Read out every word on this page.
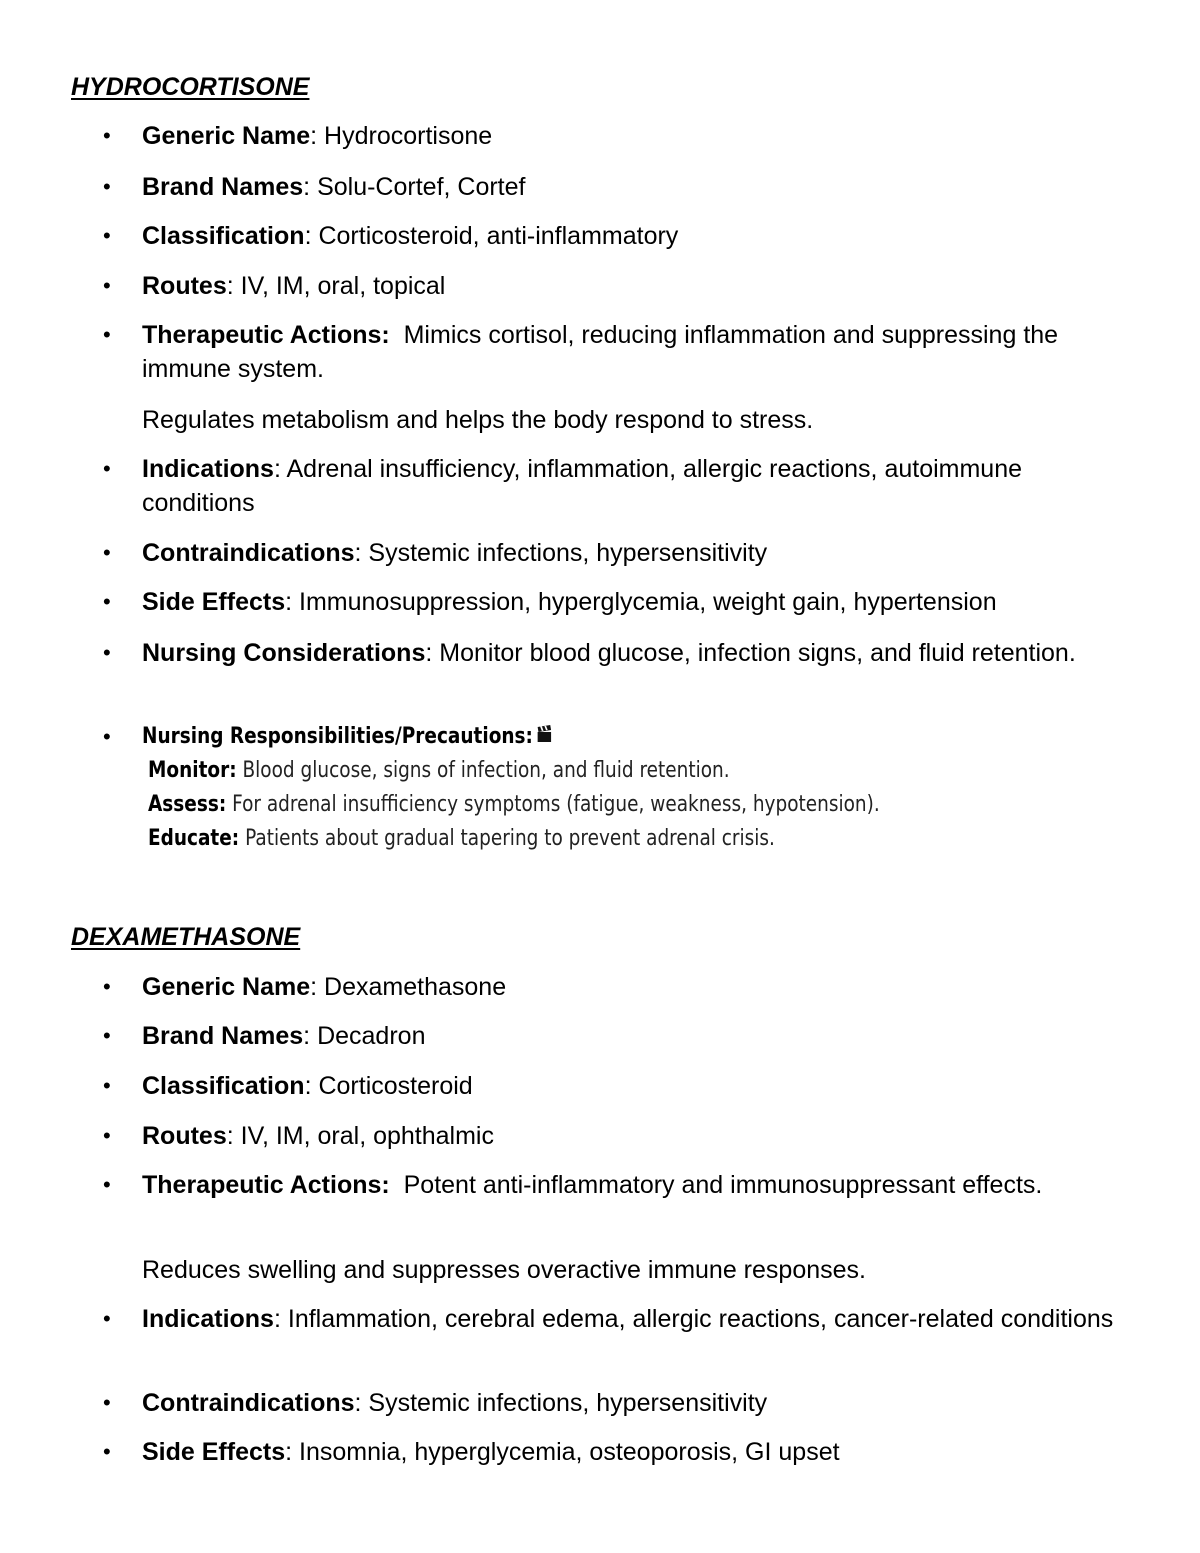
HYDROCORTISONE
• Generic Name: Hydrocortisone
• Brand Names: Solu-Cortef, Cortef
• Classification: Corticosteroid, anti-inflammatory
• Routes: IV, IM, oral, topical
• Therapeutic Actions:  Mimics cortisol, reducing inflammation and suppressing the immune system.
Regulates metabolism and helps the body respond to stress.
• Indications: Adrenal insufficiency, inflammation, allergic reactions, autoimmune conditions
• Contraindications: Systemic infections, hypersensitivity
• Side Effects: Immunosuppression, hyperglycemia, weight gain, hypertension
• Nursing Considerations: Monitor blood glucose, infection signs, and fluid retention.
• Nursing Responsibilities/Precautions:
Monitor: Blood glucose, signs of infection, and fluid retention.
Assess: For adrenal insufficiency symptoms (fatigue, weakness, hypotension).
Educate: Patients about gradual tapering to prevent adrenal crisis.
DEXAMETHASONE
• Generic Name: Dexamethasone
• Brand Names: Decadron
• Classification: Corticosteroid
• Routes: IV, IM, oral, ophthalmic
• Therapeutic Actions:  Potent anti-inflammatory and immunosuppressant effects.
Reduces swelling and suppresses overactive immune responses.
• Indications: Inflammation, cerebral edema, allergic reactions, cancer-related conditions
• Contraindications: Systemic infections, hypersensitivity
• Side Effects: Insomnia, hyperglycemia, osteoporosis, GI upset
